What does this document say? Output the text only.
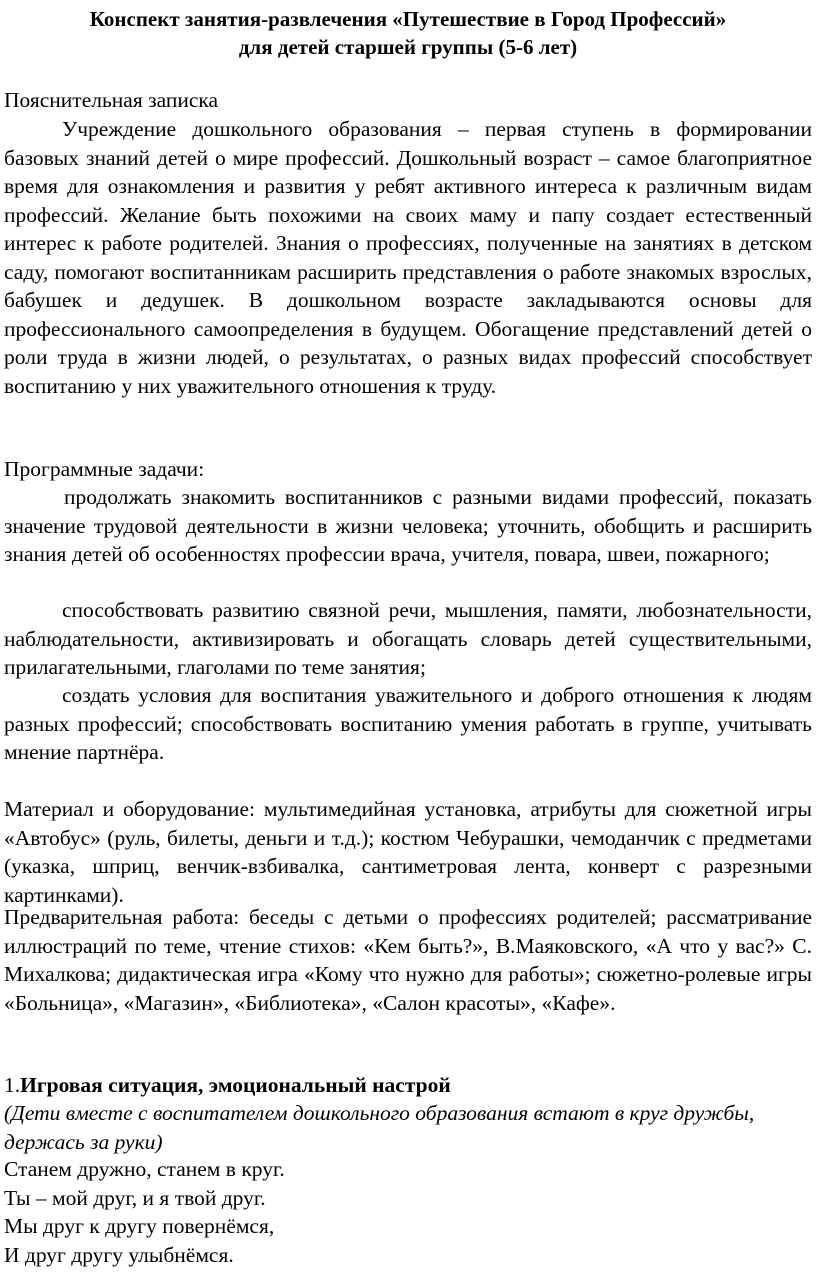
Конспект занятия-развлечения «Путешествие в Город Профессий»
для детей старшей группы (5-6 лет)
Пояснительная записка
Учреждение дошкольного образования – первая ступень в формировании базовых знаний детей о мире профессий. Дошкольный возраст – самое благоприятное время для ознакомления и развития у ребят активного интереса к различным видам профессий. Желание быть похожими на своих маму и папу создает естественный интерес к работе родителей. Знания о профессиях, полученные на занятиях в детском саду, помогают воспитанникам расширить представления о работе знакомых взрослых, бабушек и дедушек. В дошкольном возрасте закладываются основы для профессионального самоопределения в будущем. Обогащение представлений детей о роли труда в жизни людей, о результатах, о разных видах профессий способствует воспитанию у них уважительного отношения к труду.
Программные задачи:
продолжать знакомить воспитанников с разными видами профессий, показать значение трудовой деятельности в жизни человека; уточнить, обобщить и расширить знания детей об особенностях профессии врача, учителя, повара, швеи, пожарного;
способствовать развитию связной речи, мышления, памяти, любознательности, наблюдательности, активизировать и обогащать словарь детей существительными, прилагательными, глаголами по теме занятия;
создать условия для воспитания уважительного и доброго отношения к людям разных профессий; способствовать воспитанию умения работать в группе, учитывать мнение партнёра.
Материал и оборудование: мультимедийная установка, атрибуты для сюжетной игры «Автобус» (руль, билеты, деньги и т.д.); костюм Чебурашки, чемоданчик с предметами (указка, шприц, венчик-взбивалка, сантиметровая лента, конверт с разрезными картинками).
Предварительная работа: беседы с детьми о профессиях родителей; рассматривание иллюстраций по теме, чтение стихов: «Кем быть?», В.Маяковского, «А что у вас?» С. Михалкова; дидактическая игра «Кому что нужно для работы»; сюжетно-ролевые игры «Больница», «Магазин», «Библиотека», «Салон красоты», «Кафе».
1.Игровая ситуация, эмоциональный настрой
(Дети вместе с воспитателем дошкольного образования встают в круг дружбы, держась за руки)

Станем дружно, станем в круг.

Ты – мой друг, и я твой друг.

Мы друг к другу повернёмся,

И друг другу улыбнёмся.
